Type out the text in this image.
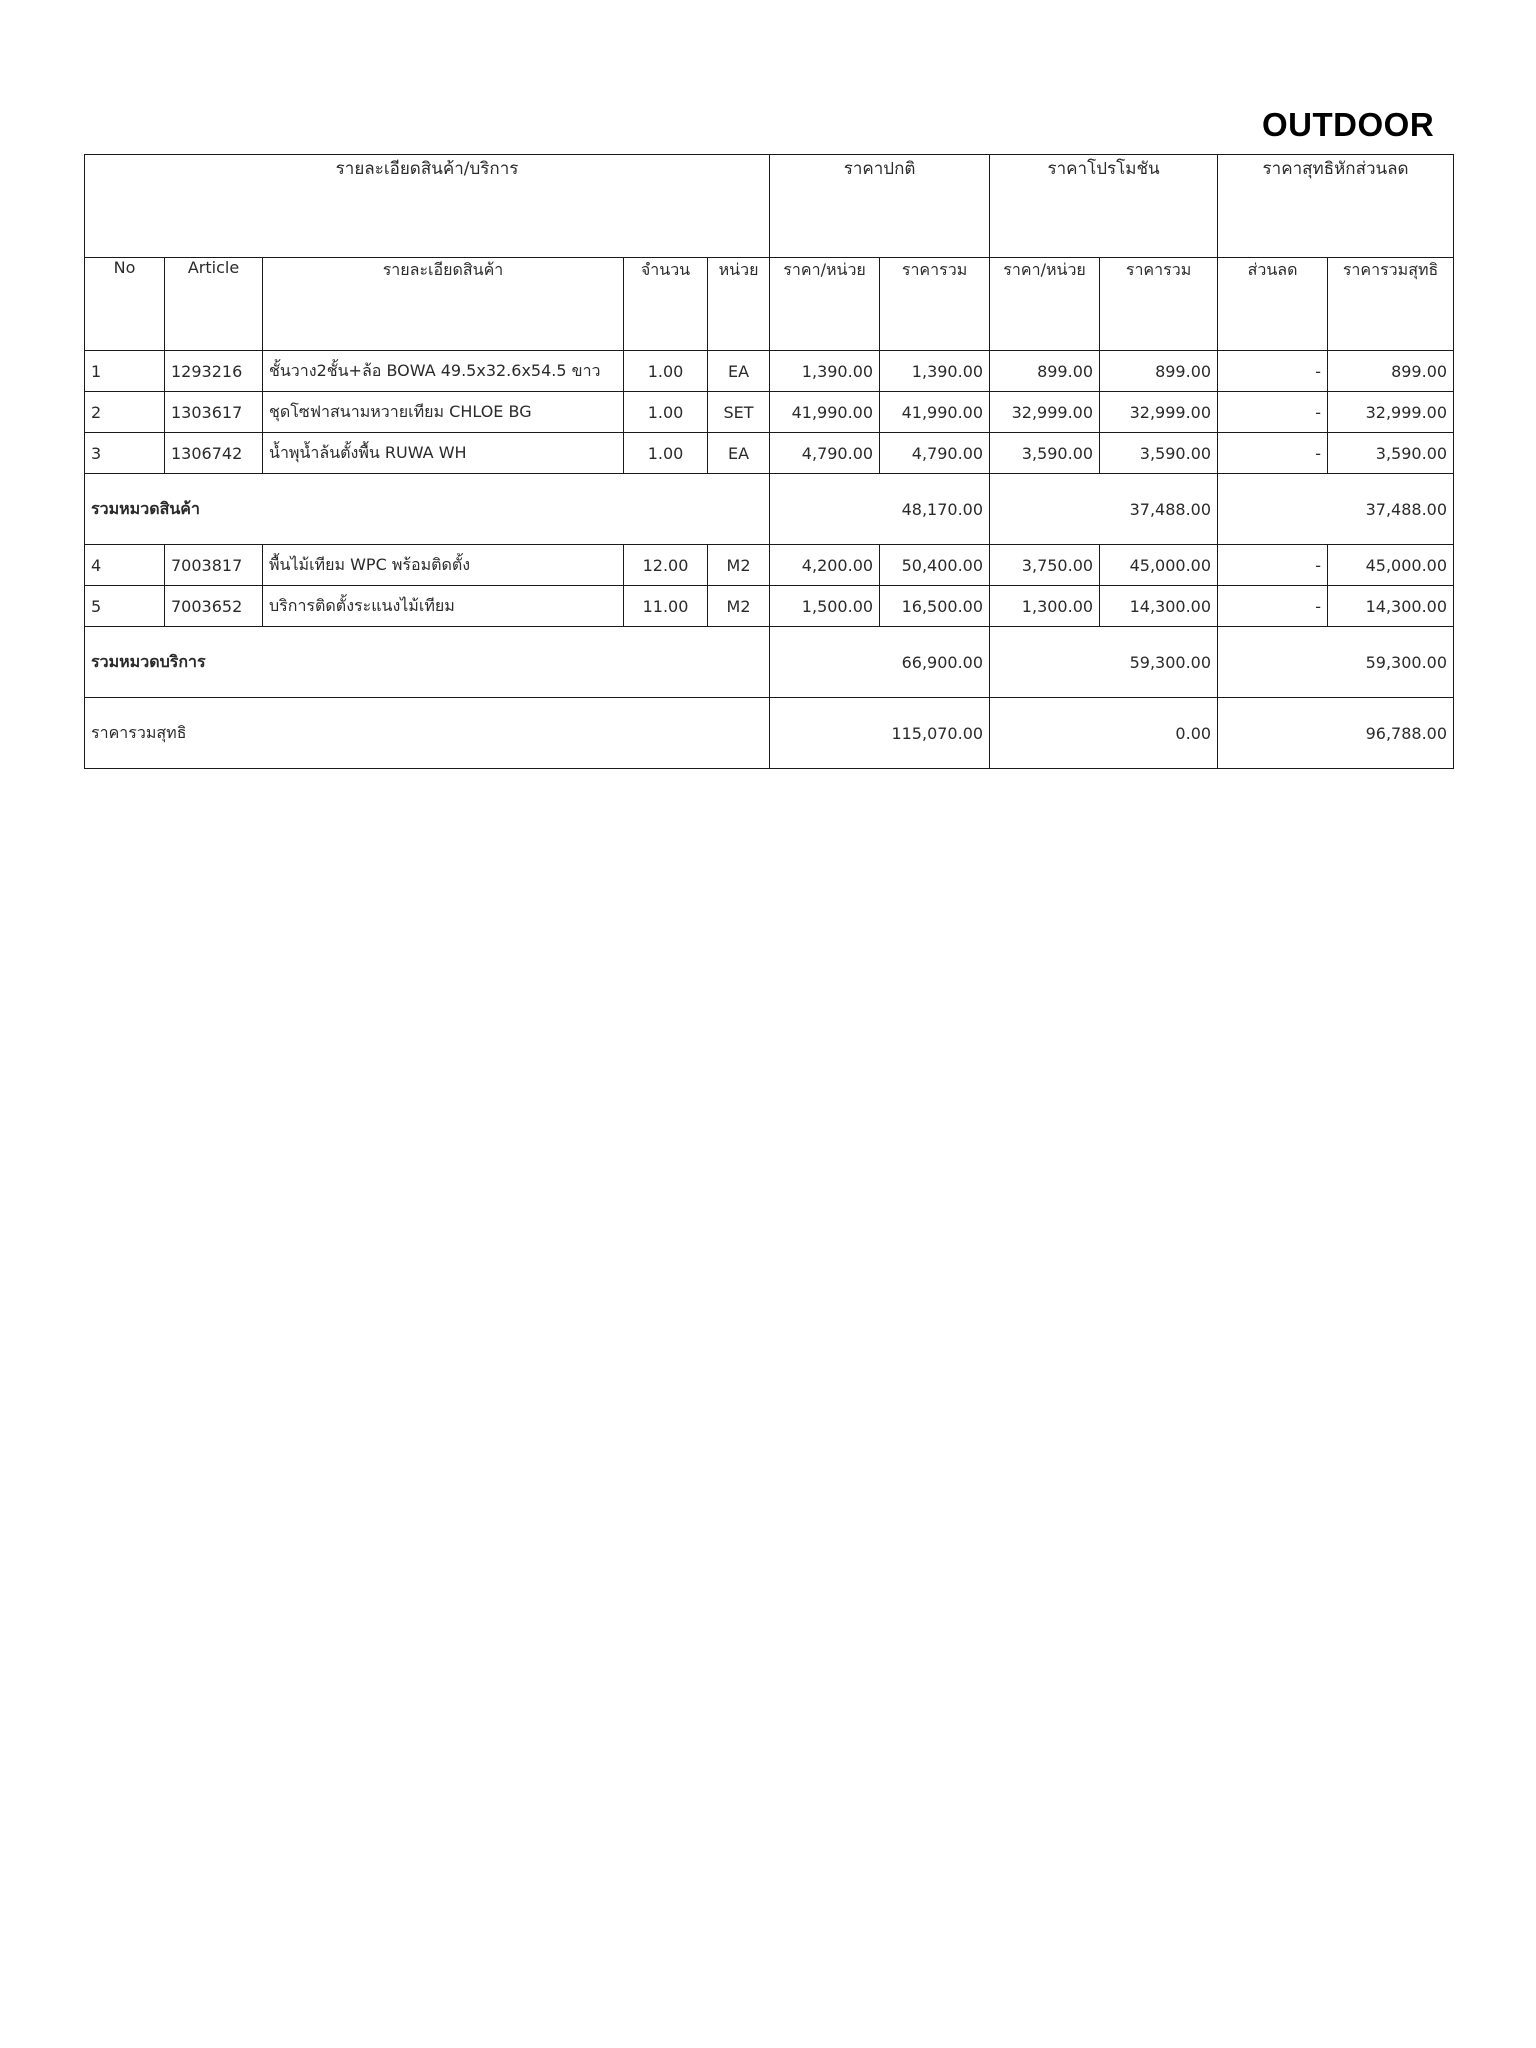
OUTDOOR
รายละเอียดสินค้า/บริการ					ราคาปกติ		ราคาโปรโมชัน		ราคาสุทธิหักส่วนลด	
No	Article	รายละเอียดสินค้า	จำนวน	หน่วย	ราคา/หน่วย	ราคารวม	ราคา/หน่วย	ราคารวม	ส่วนลด	ราคารวมสุทธิ
1	1293216	ชั้นวาง2ชั้น+ล้อ BOWA 49.5x32.6x54.5 ขาว	1.00	EA	1,390.00	1,390.00	899.00	899.00	-	899.00
2	1303617	ชุดโซฟาสนามหวายเทียม CHLOE BG	1.00	SET	41,990.00	41,990.00	32,999.00	32,999.00	-	32,999.00
3	1306742	น้ำพุน้ำล้นตั้งพื้น RUWA WH	1.00	EA	4,790.00	4,790.00	3,590.00	3,590.00	-	3,590.00
รวมหมวดสินค้า					48,170.00		37,488.00		37,488.00	
4	7003817	พื้นไม้เทียม WPC พร้อมติดตั้ง	12.00	M2	4,200.00	50,400.00	3,750.00	45,000.00	-	45,000.00
5	7003652	บริการติดตั้งระแนงไม้เทียม	11.00	M2	1,500.00	16,500.00	1,300.00	14,300.00	-	14,300.00
รวมหมวดบริการ					66,900.00		59,300.00		59,300.00	
ราคารวมสุทธิ					115,070.00		0.00		96,788.00	
